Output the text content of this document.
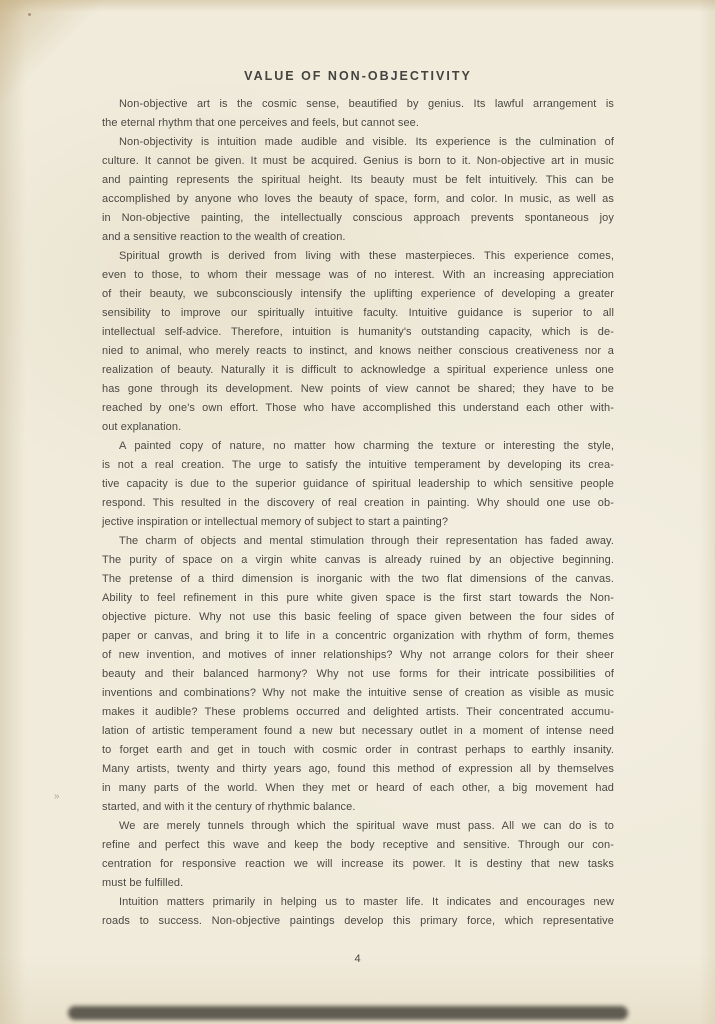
VALUE OF NON-OBJECTIVITY

Non-objective art is the cosmic sense, beautified by genius. Its lawful arrangement is
the eternal rhythm that one perceives and feels, but cannot see.

Non-objectivity is intuition made audible and visible. Its experience is the culmination of
culture. It cannot be given. It must be acquired. Genius is born to it. Non-objective art in music
and painting represents the spiritual height. Its beauty must be felt intuitively. This can be
accomplished by anyone who loves the beauty of space, form, and color. In music, as well as
in Non-objective painting, the intellectually conscious approach prevents spontaneous joy
and a sensitive reaction to the wealth of creation.

Spiritual growth is derived from living with these masterpieces. This experience comes,
even to those, to whom their message was of no interest. With an increasing appreciation
of their beauty, we subconsciously intensify the uplifting experience of developing a greater
sensibility to improve our spiritually intuitive faculty. Intuitive guidance is superior to all
intellectual self-advice. Therefore, intuition is humanity's outstanding capacity, which is de-
nied to animal, who merely reacts to instinct, and knows neither conscious creativeness nor a
realization of beauty. Naturally it is difficult to acknowledge a spiritual experience unless one
has gone through its development. New points of view cannot be shared; they have to be
reached by one's own effort. Those who have accomplished this understand each other with-
out explanation.

A painted copy of nature, no matter how charming the texture or interesting the style,
is not a real creation. The urge to satisfy the intuitive temperament by developing its crea-
tive capacity is due to the superior guidance of spiritual leadership to which sensitive people
respond. This resulted in the discovery of real creation in painting. Why should one use ob-
jective inspiration or intellectual memory of subject to start a painting?

The charm of objects and mental stimulation through their representation has faded away.
The purity of space on a virgin white canvas is already ruined by an objective beginning.
The pretense of a third dimension is inorganic with the two flat dimensions of the canvas.
Ability to feel refinement in this pure white given space is the first start towards the Non-
objective picture. Why not use this basic feeling of space given between the four sides of
paper or canvas, and bring it to life in a concentric organization with rhythm of form, themes
of new invention, and motives of inner relationships? Why not arrange colors for their sheer
beauty and their balanced harmony? Why not use forms for their intricate possibilities of
inventions and combinations? Why not make the intuitive sense of creation as visible as music
makes it audible? These problems occurred and delighted artists. Their concentrated accumu-
lation of artistic temperament found a new but necessary outlet in a moment of intense need
to forget earth and get in touch with cosmic order in contrast perhaps to earthly insanity.
Many artists, twenty and thirty years ago, found this method of expression all by themselves
in many parts of the world. When they met or heard of each other, a big movement had
started, and with it the century of rhythmic balance.

We are merely tunnels through which the spiritual wave must pass. All we can do is to
refine and perfect this wave and keep the body receptive and sensitive. Through our con-
centration for responsive reaction we will increase its power. It is destiny that new tasks
must be fulfilled.

Intuition matters primarily in helping us to master life. It indicates and encourages new
roads to success. Non-objective paintings develop this primary force, which representative

»
4
